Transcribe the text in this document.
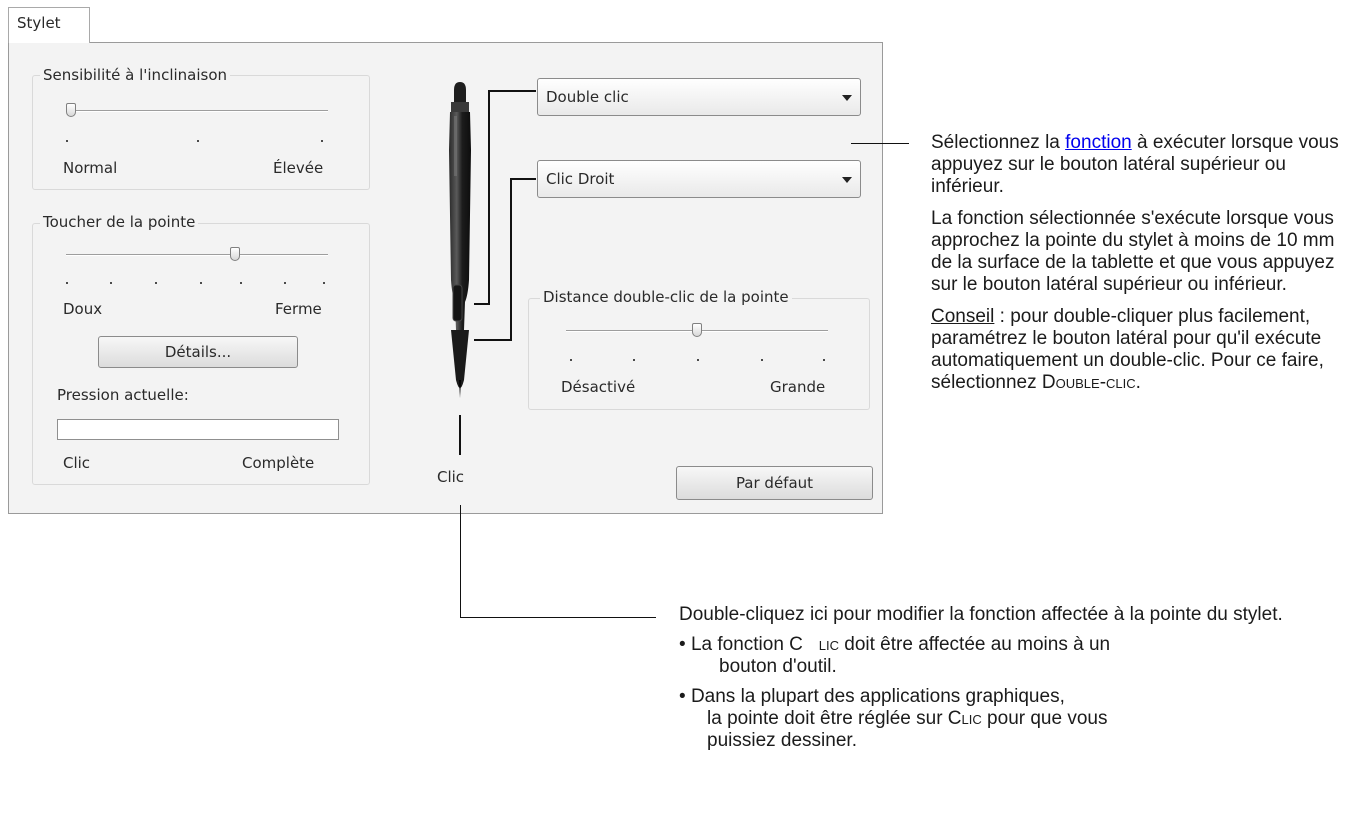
Stylet
Sensibilité à l'inclinaison
Normal	Élevée
Toucher de la pointe
Doux	Ferme
Détails...
Pression actuelle:
Clic	Complète
Clic
Double clic
Clic Droit
Distance double-clic de la pointe
Désactivé	Grande
Par défaut

Sélectionnez la fonction à exécuter lorsque vous appuyez sur le bouton latéral supérieur ou inférieur.

La fonction sélectionnée s'exécute lorsque vous approchez la pointe du stylet à moins de 10 mm de la surface de la tablette et que vous appuyez sur le bouton latéral supérieur ou inférieur.

Conseil : pour double-cliquer plus facilement, paramétrez le bouton latéral pour qu'il exécute automatiquement un double-clic. Pour ce faire, sélectionnez Double-clic.

Double-cliquez ici pour modifier la fonction affectée à la pointe du stylet.

• La fonction C lic doit être affectée au moins à un
bouton d'outil.
• Dans la plupart des applications graphiques,
la pointe doit être réglée sur Clic pour que vous
puissiez dessiner.
